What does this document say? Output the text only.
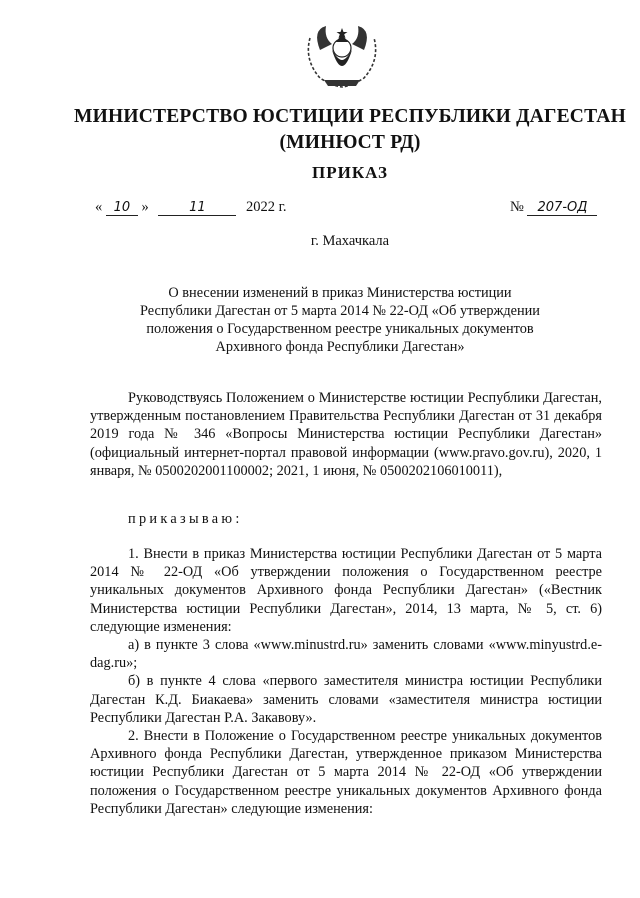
МИНИСТЕРСТВО ЮСТИЦИИ РЕСПУБЛИКИ ДАГЕСТАН
(МИНЮСТ РД)
ПРИКАЗ
« 10 »	11	2022 г.	№ 207-ОД
г. Махачкала
О внесении изменений в приказ Министерства юстиции
Республики Дагестан от 5 марта 2014 № 22-ОД «Об утверждении
положения о Государственном реестре уникальных документов
Архивного фонда Республики Дагестан»

Руководствуясь Положением о Министерстве юстиции Республики Дагестан, утвержденным постановлением Правительства Республики Дагестан от 31 декабря 2019 года № 346 «Вопросы Министерства юстиции Республики Дагестан» (официальный интернет-портал правовой информации (www.pravo.gov.ru), 2020, 1 января, № 0500202001100002; 2021, 1 июня, № 0500202106010011),

приказываю:

1. Внести в приказ Министерства юстиции Республики Дагестан от 5 марта 2014 № 22-ОД «Об утверждении положения о Государственном реестре уникальных документов Архивного фонда Республики Дагестан» («Вестник Министерства юстиции Республики Дагестан», 2014, 13 марта, № 5, ст. 6) следующие изменения:

а) в пункте 3 слова «www.minustrd.ru» заменить словами «www.minyustrd.e-dag.ru»;

б) в пункте 4 слова «первого заместителя министра юстиции Республики Дагестан К.Д. Биакаева» заменить словами «заместителя министра юстиции Республики Дагестан Р.А. Закавову».

2. Внести в Положение о Государственном реестре уникальных документов Архивного фонда Республики Дагестан, утвержденное приказом Министерства юстиции Республики Дагестан от 5 марта 2014 № 22-ОД «Об утверждении положения о Государственном реестре уникальных документов Архивного фонда Республики Дагестан» следующие изменения:
